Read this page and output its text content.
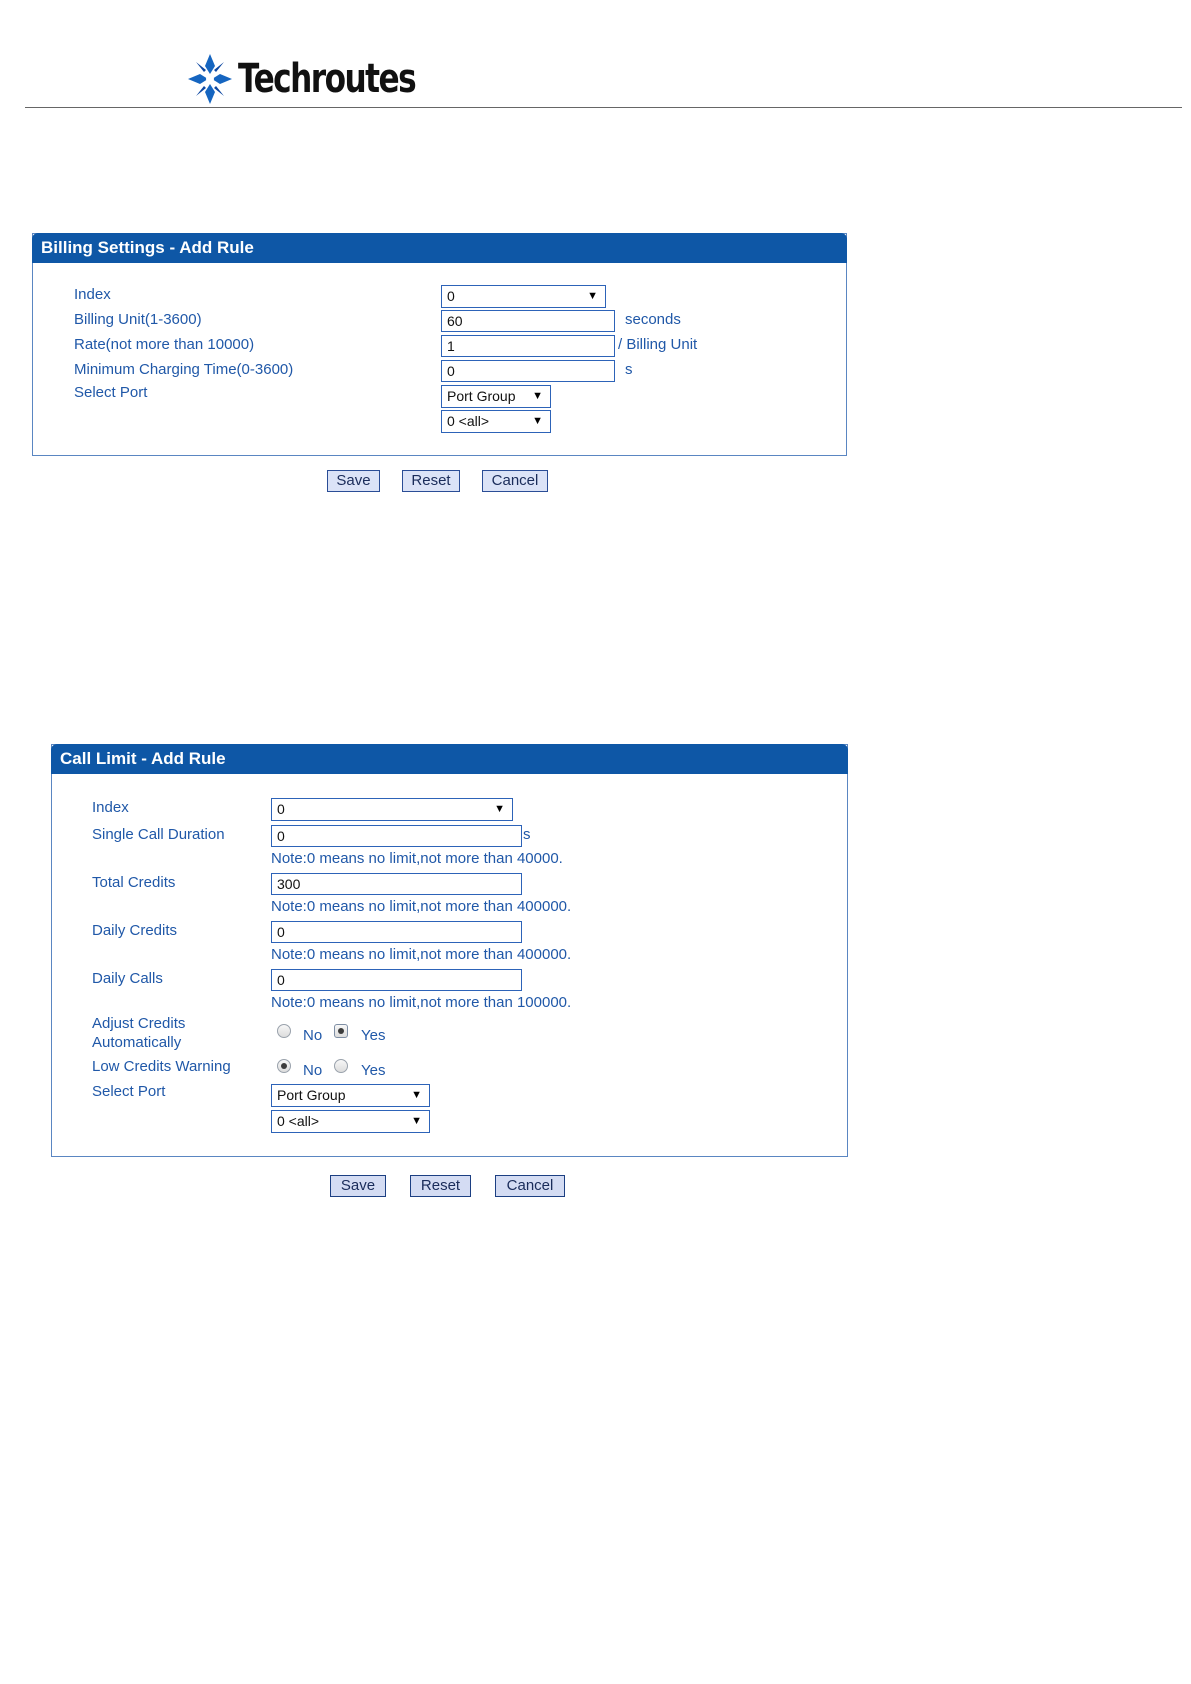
Techroutes
Billing Settings - Add Rule
Index	0	▼
Billing Unit(1-3600)	60	seconds
Rate(not more than 10000)	1	/ Billing Unit
Minimum Charging Time(0-3600)	0	s
Select Port	Port Group ▼
0 <all>	▼
Save	Reset	Cancel
Call Limit - Add Rule
Index	0	▼
Single Call Duration	0	s
Note:0 means no limit,not more than 40000.
Total Credits	300
Note:0 means no limit,not more than 400000.
Daily Credits	0
Note:0 means no limit,not more than 400000.
Daily Calls	0
Note:0 means no limit,not more than 100000.
Adjust Credits
Automatically	No	Yes
Low Credits Warning	No	Yes
Select Port	Port Group	▼
0 <all>	▼
Save	Reset	Cancel
